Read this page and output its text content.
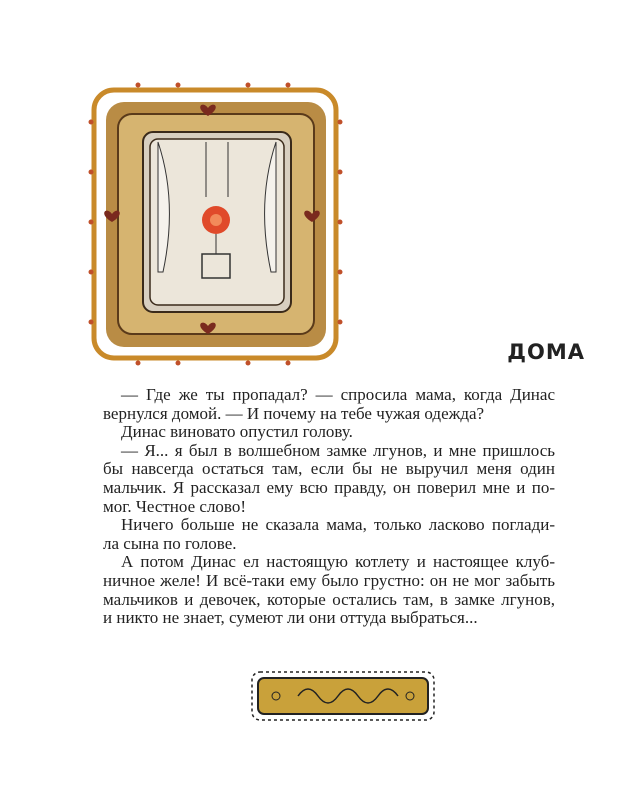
ДОМА
— Где же ты пропадал? — спросила мама, когда Динас
вернулся домой. — И почему на тебе чужая одежда?
Динас виновато опустил голову.
— Я... я был в волшебном замке лгунов, и мне пришлось
бы навсегда остаться там, если бы не выручил меня один
мальчик. Я рассказал ему всю правду, он поверил мне и по-
мог. Честное слово!
Ничего больше не сказала мама, только ласково поглади-
ла сына по голове.
А потом Динас ел настоящую котлету и настоящее клуб-
ничное желе! И всё-таки ему было грустно: он не мог забыть
мальчиков и девочек, которые остались там, в замке лгунов,
и никто не знает, сумеют ли они оттуда выбраться...
